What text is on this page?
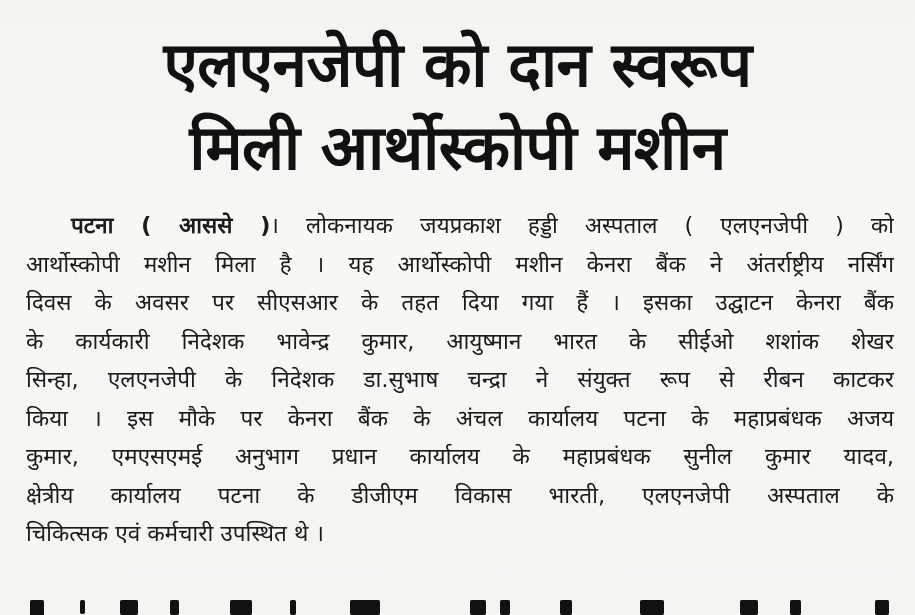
एलएनजेपी को दान स्वरूप
मिली आर्थोस्कोपी मशीन
पटना ( आससे )। लोकनायक जयप्रकाश हड्डी अस्पताल ( एलएनजेपी ) को
आर्थोस्कोपी मशीन मिला है । यह आर्थोस्कोपी मशीन केनरा बैंक ने अंतर्राष्ट्रीय नर्सिंग
दिवस के अवसर पर सीएसआर के तहत दिया गया हैं । इसका उद्घाटन केनरा बैंक
के कार्यकारी निदेशक भावेन्द्र कुमार, आयुष्मान भारत के सीईओ शशांक शेखर
सिन्हा, एलएनजेपी के निदेशक डा.सुभाष चन्द्रा ने संयुक्त रूप से रीबन काटकर
किया । इस मौके पर केनरा बैंक के अंचल कार्यालय पटना के महाप्रबंधक अजय
कुमार, एमएसएमई अनुभाग प्रधान कार्यालय के महाप्रबंधक सुनील कुमार यादव,
क्षेत्रीय कार्यालय पटना के डीजीएम विकास भारती, एलएनजेपी अस्पताल के
चिकित्सक एवं कर्मचारी उपस्थित थे ।
